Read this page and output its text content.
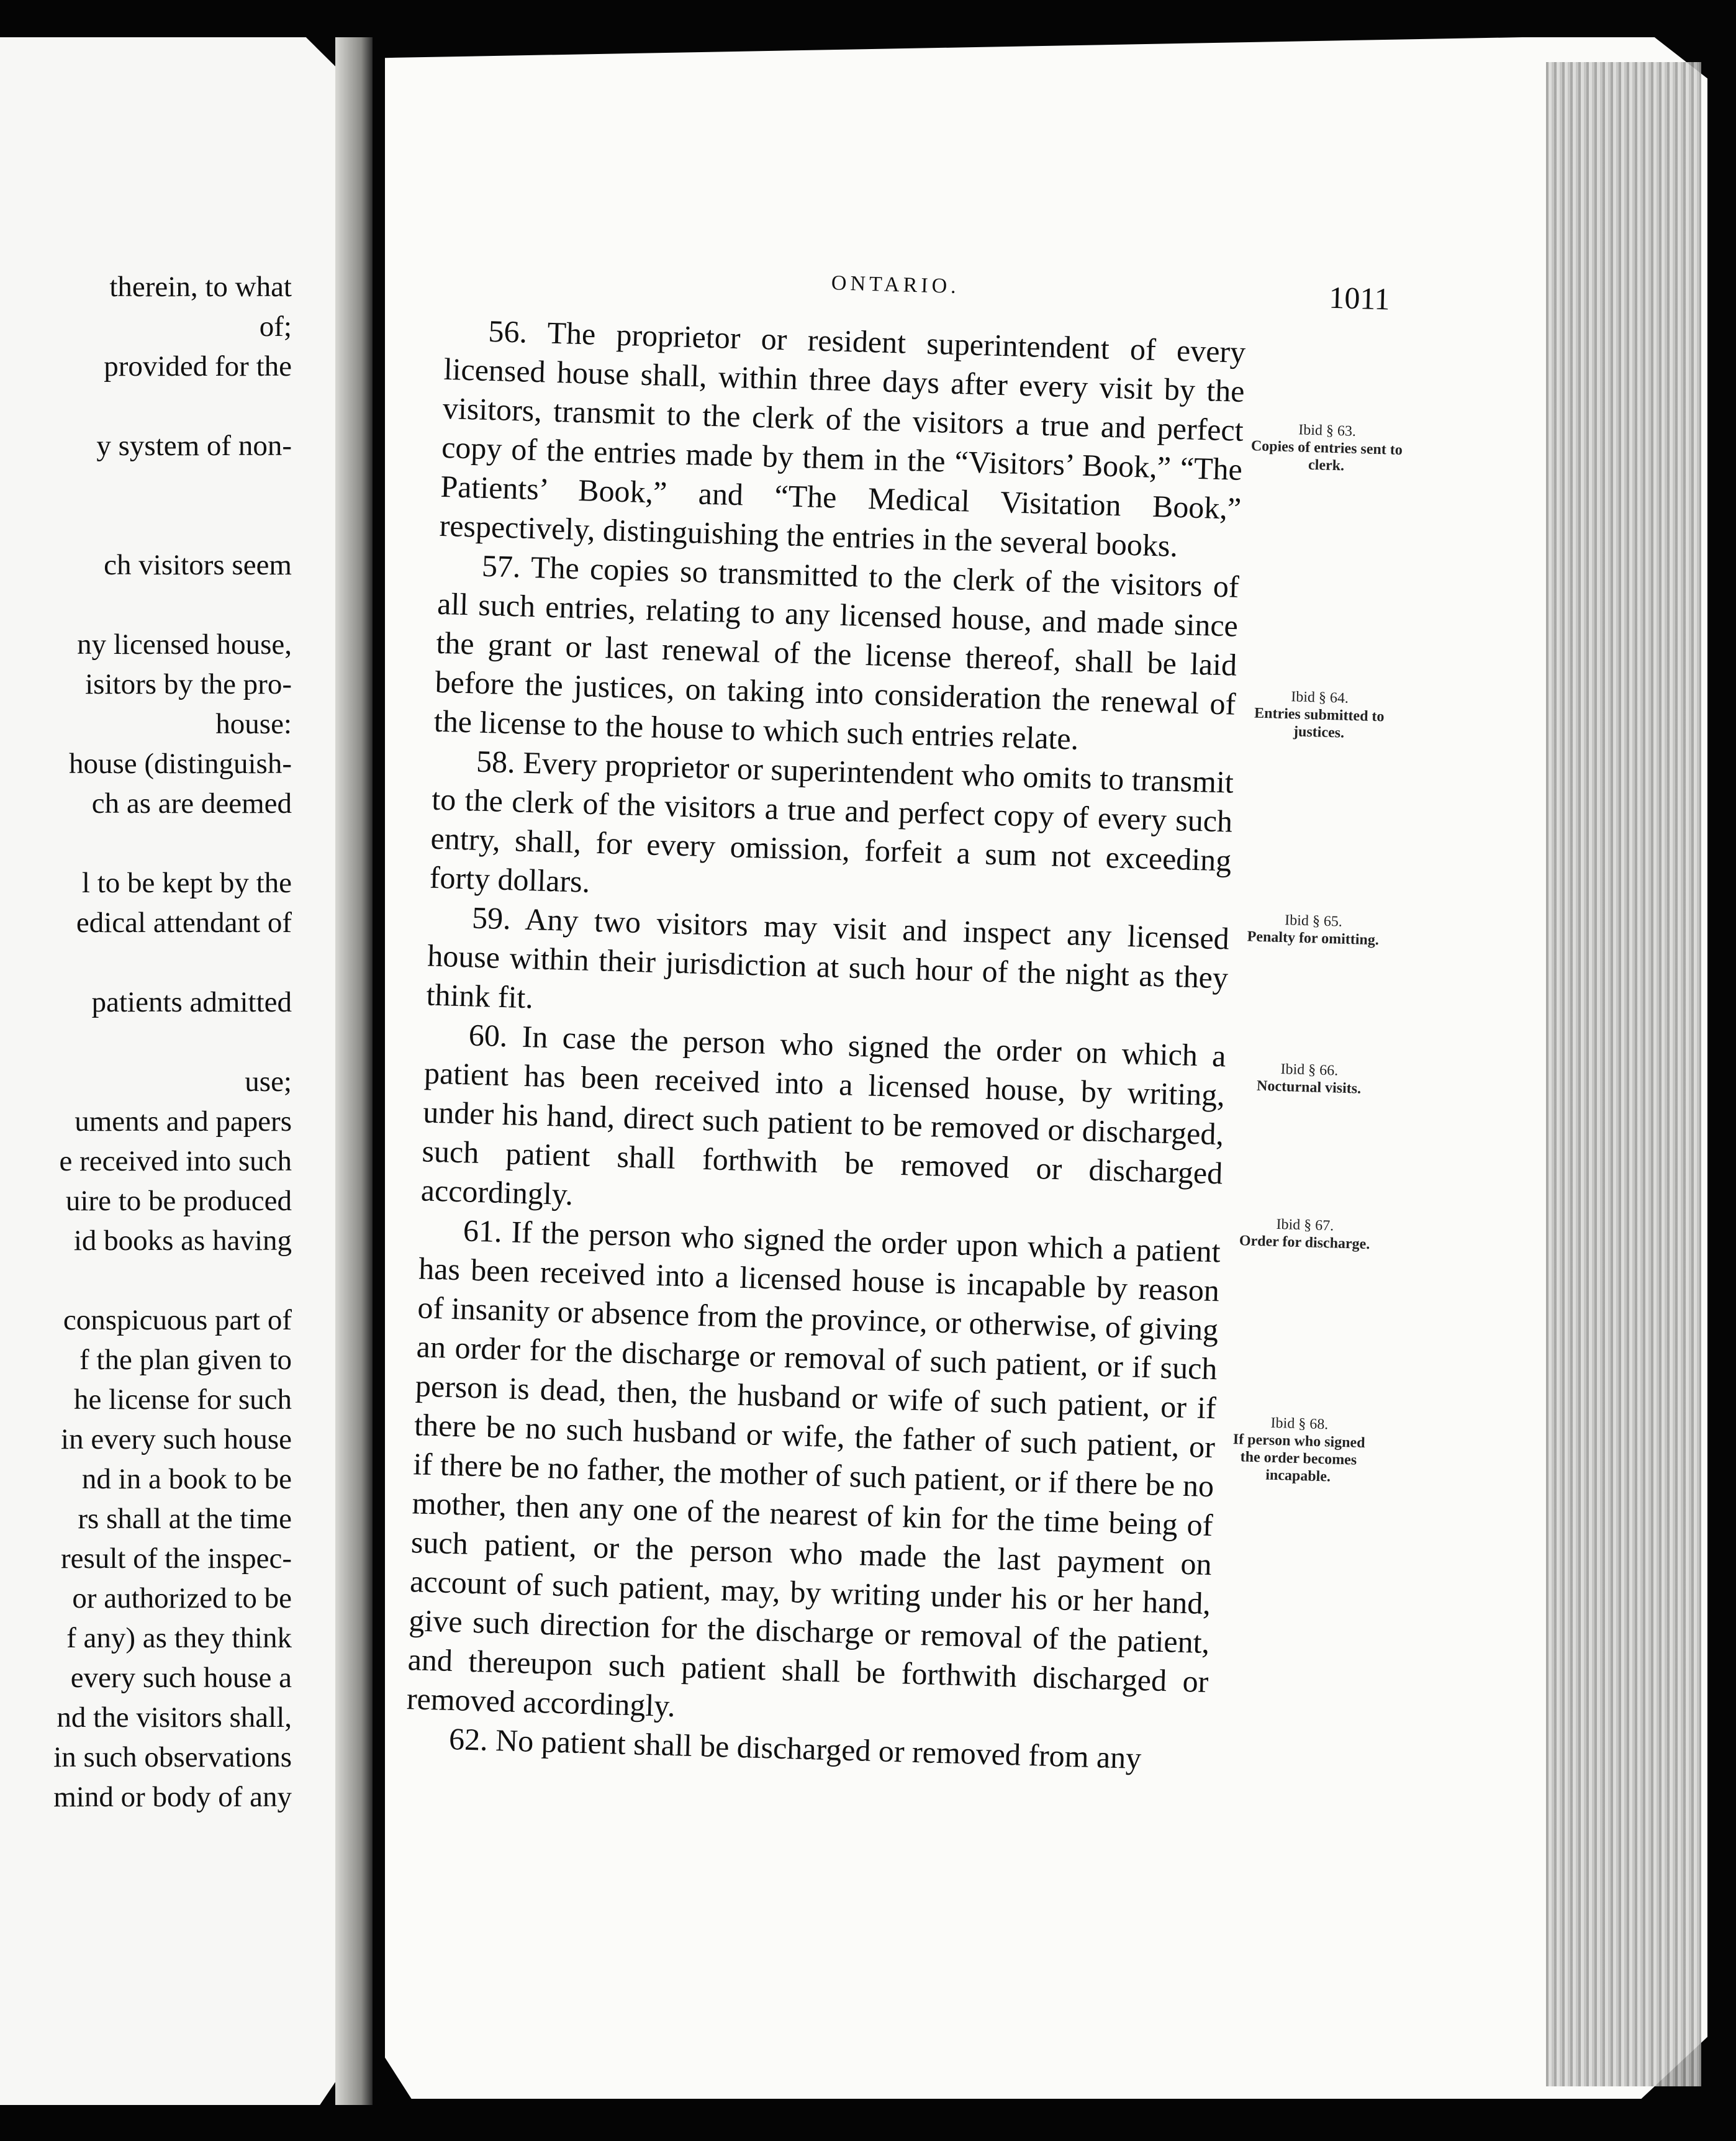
therein, to what
of;
provided for the
y system of non-
ch visitors seem
ny licensed house,
isitors by the pro-
house:
house (distinguish-
ch as are deemed
l to be kept by the
edical attendant of
patients admitted
use;
uments and papers
e received into such
uire to be produced
id books as having
conspicuous part of
f the plan given to
he license for such
in every such house
nd in a book to be
rs shall at the time
result of the inspec-
or authorized to be
f any) as they think
every such house a
nd the visitors shall,
in such observations
mind or body of any
ONTARIO.	1011

56. The proprietor or resident superintendent of every licensed house shall, within three days after every visit by the visitors, transmit to the clerk of the visitors a true and perfect copy of the entries made by them in the “Visitors’ Book,” “The Patients’ Book,” and “The Medical Visitation Book,” respectively, distinguishing the entries in the several books.

57. The copies so transmitted to the clerk of the visitors of all such entries, relating to any licensed house, and made since the grant or last renewal of the license thereof, shall be laid before the justices, on taking into consideration the renewal of the license to the house to which such entries relate.

58. Every proprietor or superintendent who omits to transmit to the clerk of the visitors a true and perfect copy of every such entry, shall, for every omission, forfeit a sum not exceeding forty dollars.

59. Any two visitors may visit and inspect any licensed house within their jurisdiction at such hour of the night as they think fit.

60. In case the person who signed the order on which a patient has been received into a licensed house, by writing, under his hand, direct such patient to be removed or discharged, such patient shall forthwith be removed or discharged accordingly.

61. If the person who signed the order upon which a patient has been received into a licensed house is incapable by reason of insanity or absence from the province, or otherwise, of giving an order for the discharge or removal of such patient, or if such person is dead, then, the husband or wife of such patient, or if there be no such husband or wife, the father of such patient, or if there be no father, the mother of such patient, or if there be no mother, then any one of the nearest of kin for the time being of such patient, or the person who made the last payment on account of such patient, may, by writing under his or her hand, give such direction for the discharge or removal of the patient, and thereupon such patient shall be forthwith discharged or removed accordingly.

62. No patient shall be discharged or removed from any

Ibid § 63.
Copies of entries sent to clerk.
Ibid § 64.
Entries submitted to justices.
Ibid § 65.
Penalty for omitting.
Ibid § 66.
Nocturnal visits.
Ibid § 67.
Order for discharge.
Ibid § 68.
If person who signed the order becomes incapable.
